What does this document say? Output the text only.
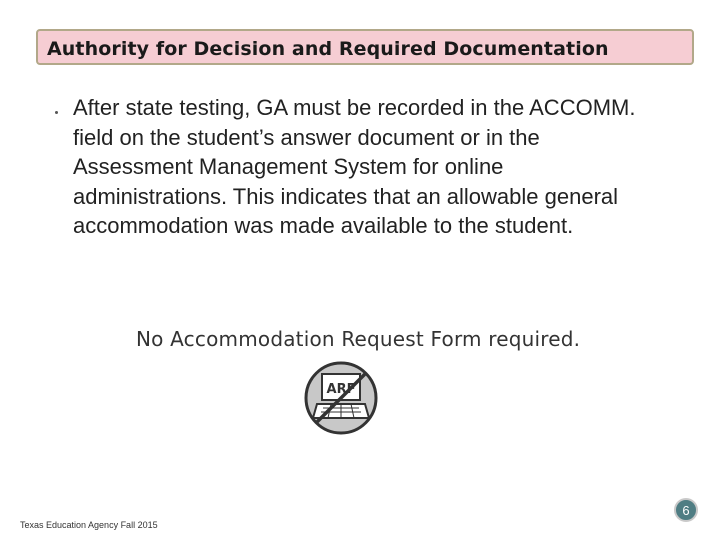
Authority for Decision and Required Documentation
After state testing, GA must be recorded in the ACCOMM.
field on the student’s answer document or in the
Assessment Management System for online
administrations. This indicates that an allowable general
accommodation was made available to the student.
No Accommodation Request Form required.
ARF
Texas Education Agency Fall 2015
6
